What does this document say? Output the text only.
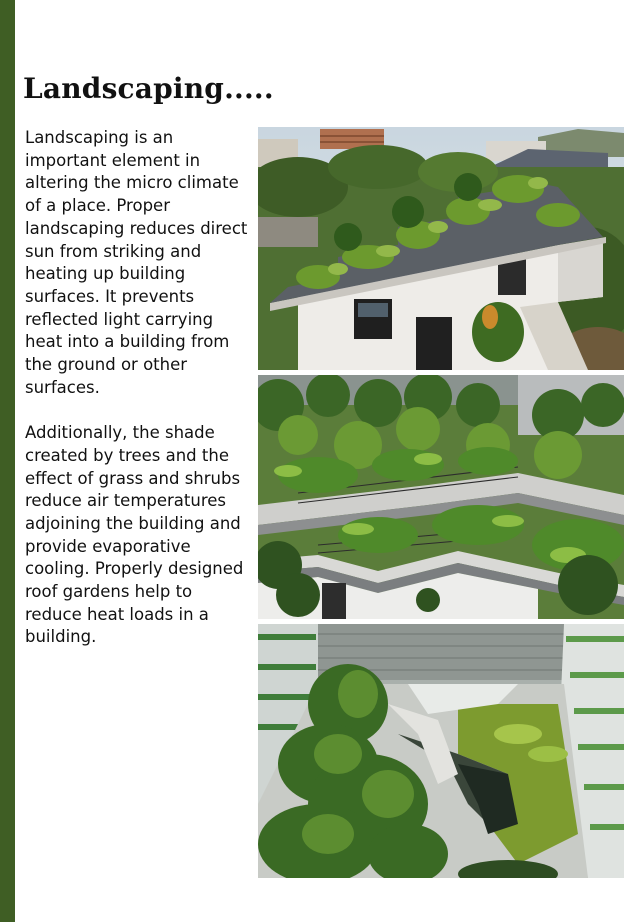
Landscaping.....

Landscaping is an
important element in
altering the micro climate
of a place. Proper
landscaping reduces direct
sun from striking and
heating up building
surfaces. It prevents
reflected light carrying
heat into a building from
the ground or other
surfaces.

Additionally, the shade
created by trees and the
effect of grass and shrubs
reduce air temperatures
adjoining the building and
provide evaporative
cooling. Properly designed
roof gardens help to
reduce heat loads in a
building.
